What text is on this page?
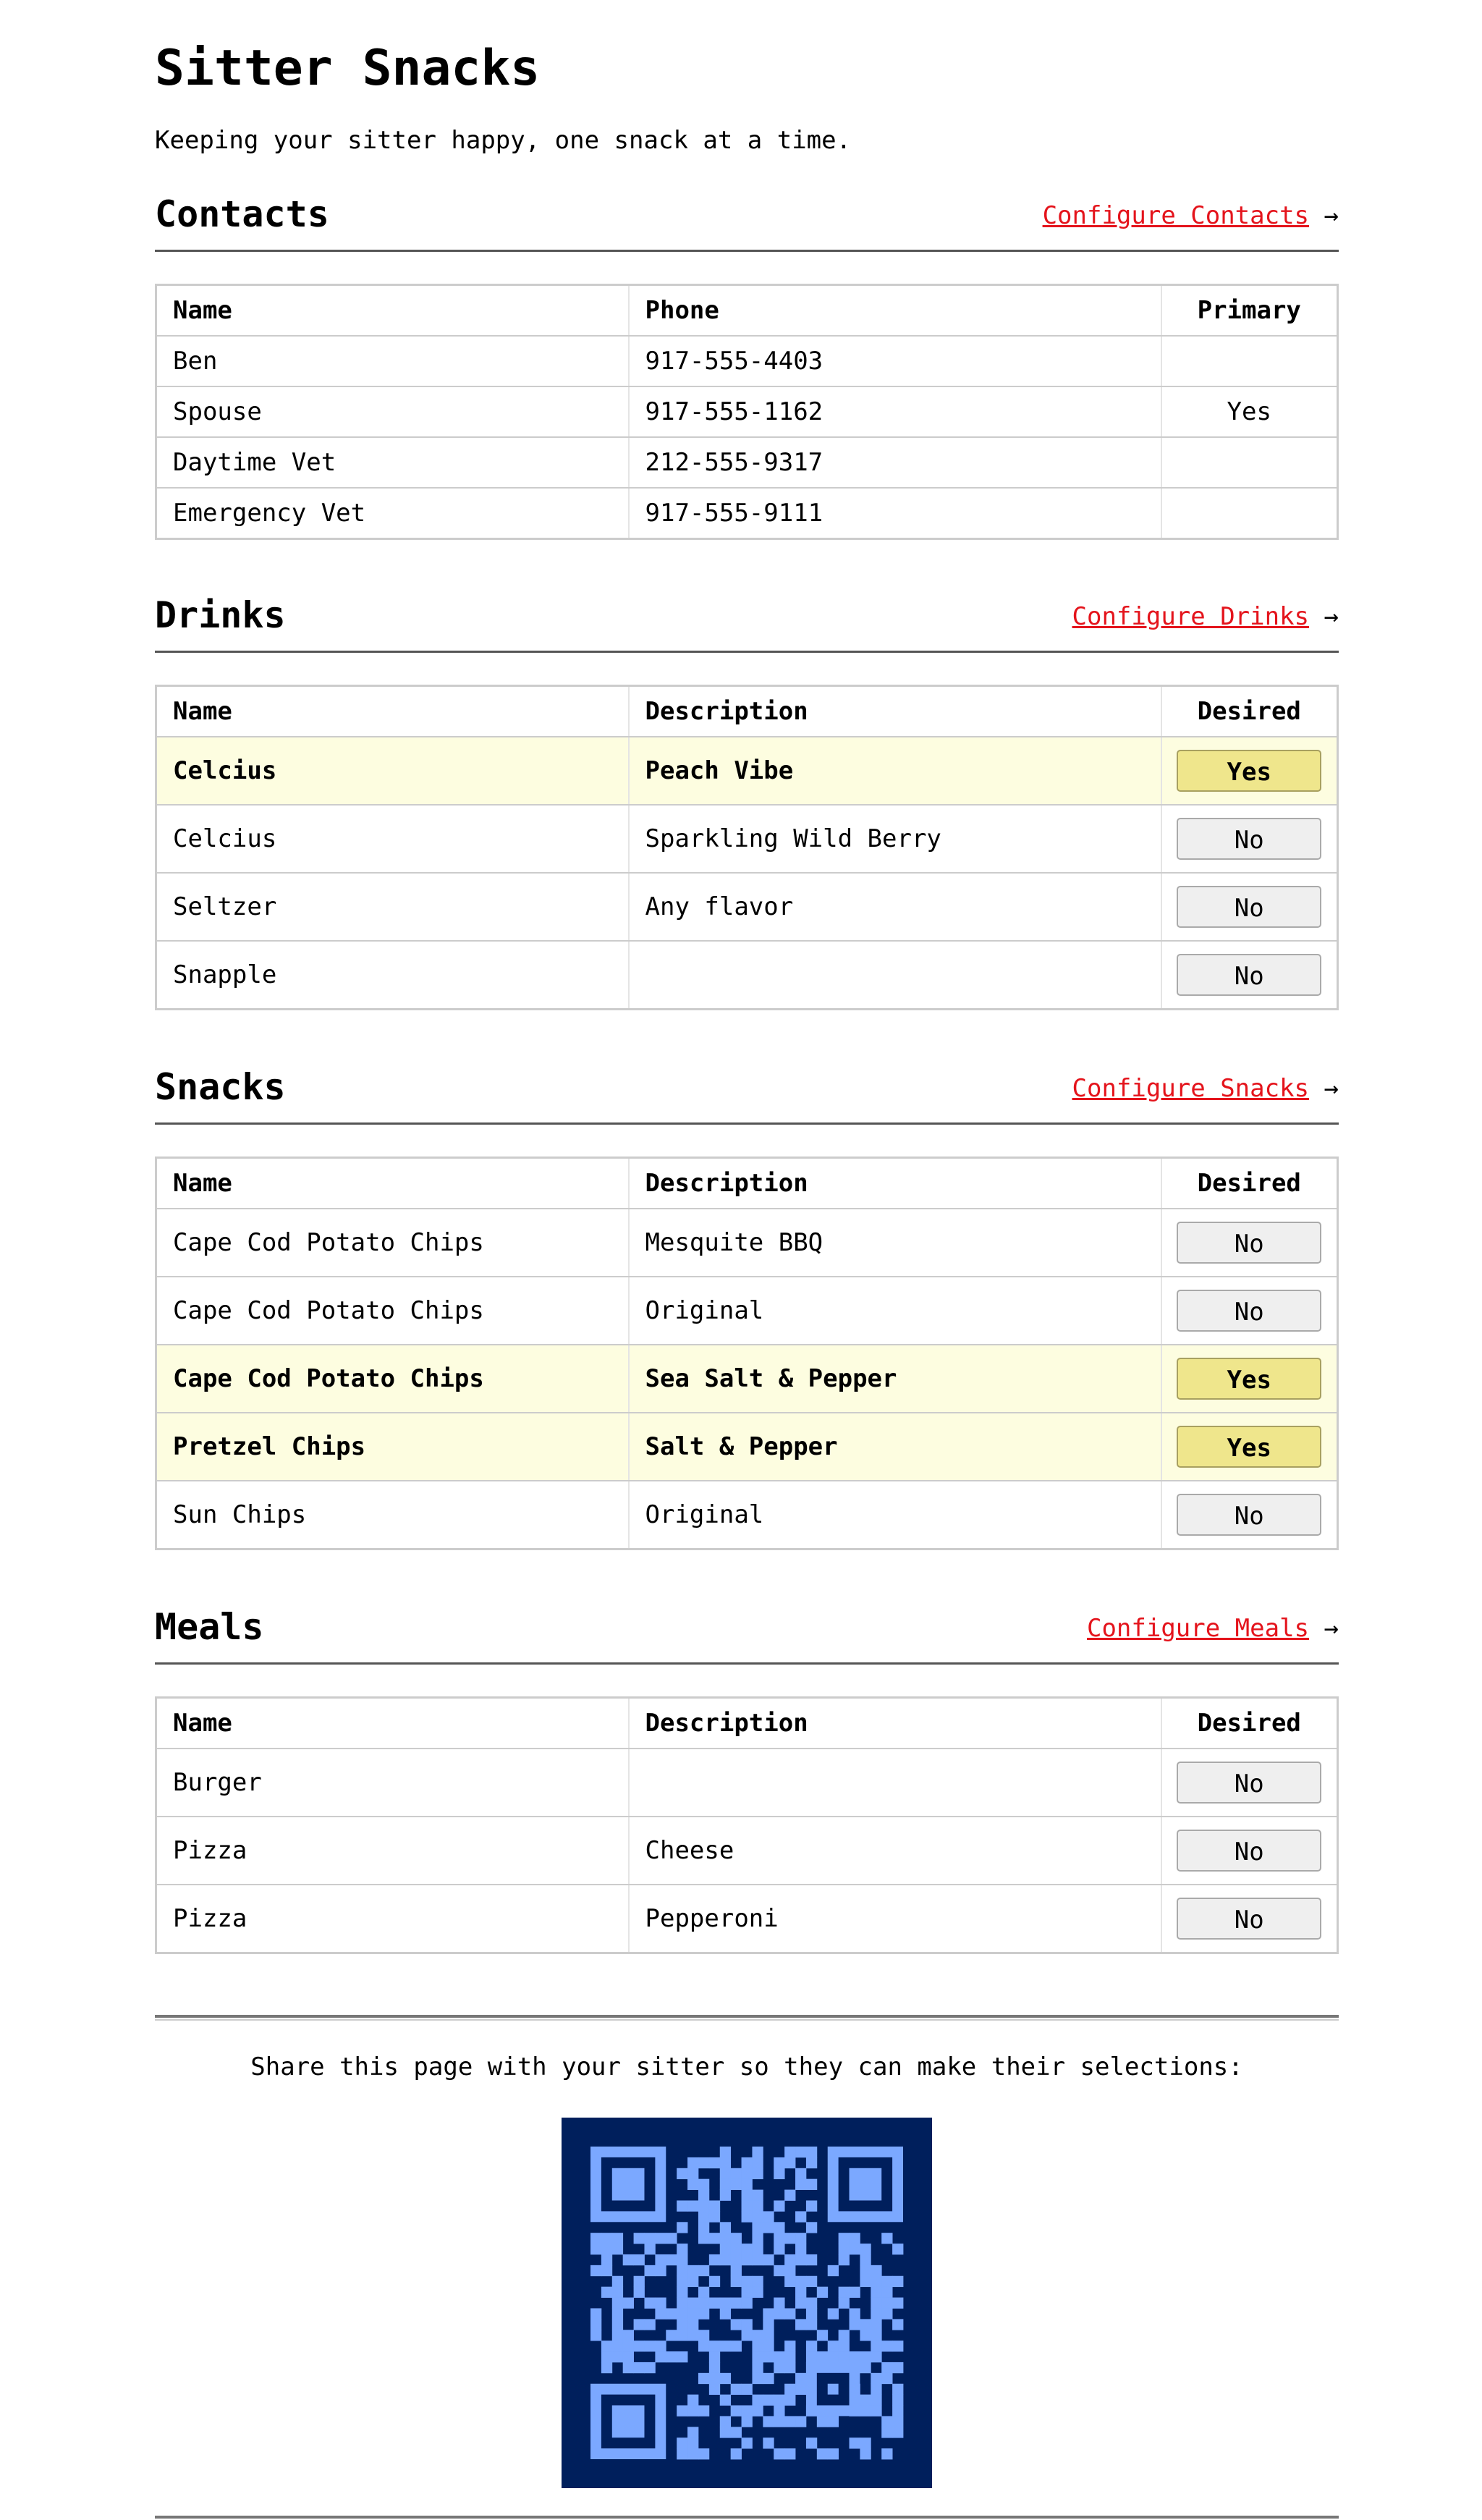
Sitter Snacks
Keeping your sitter happy, one snack at a time.
Contacts	Configure Contacts →
Name	Phone	Primary
Ben	917-555-4403	
Spouse	917-555-1162	Yes
Daytime Vet	212-555-9317	
Emergency Vet	917-555-9111	
Drinks	Configure Drinks →
Name	Description	Desired
Celcius	Peach Vibe	Yes
Celcius	Sparkling Wild Berry	No
Seltzer	Any flavor	No
Snapple		No
Snacks	Configure Snacks →
Name	Description	Desired
Cape Cod Potato Chips	Mesquite BBQ	No
Cape Cod Potato Chips	Original	No
Cape Cod Potato Chips	Sea Salt & Pepper	Yes
Pretzel Chips	Salt & Pepper	Yes
Sun Chips	Original	No
Meals	Configure Meals →
Name	Description	Desired
Burger		No
Pizza	Cheese	No
Pizza	Pepperoni	No
Share this page with your sitter so they can make their selections:
